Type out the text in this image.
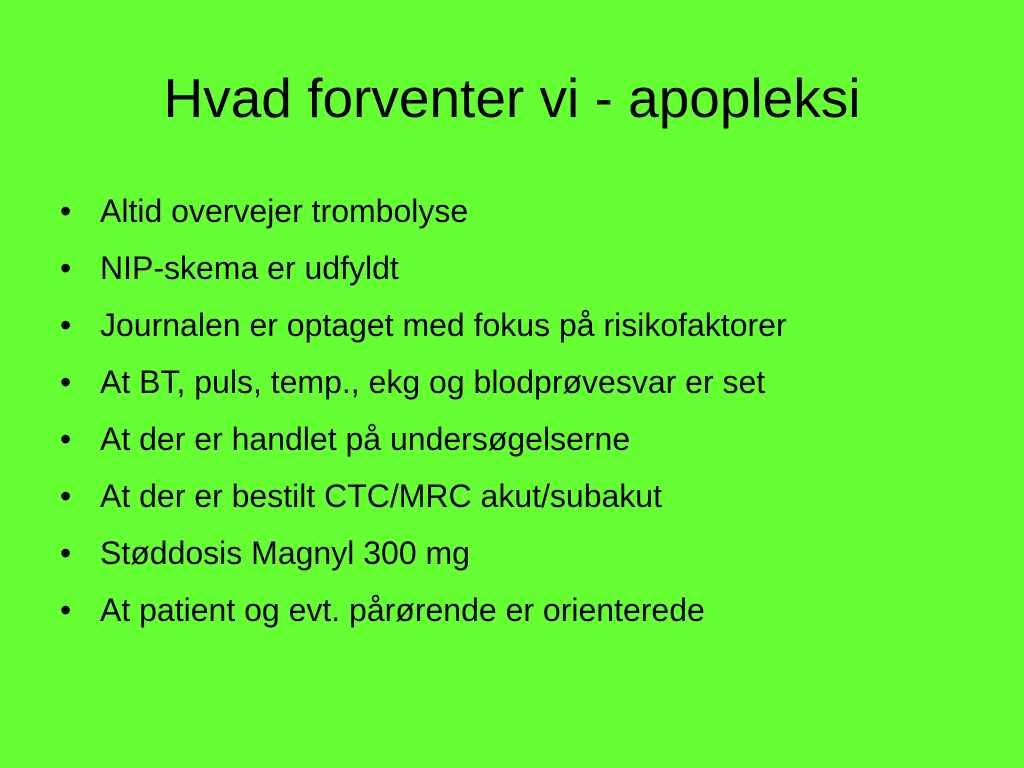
Hvad forventer vi - apopleksi
• Altid overvejer trombolyse
• NIP-skema er udfyldt
• Journalen er optaget med fokus på risikofaktorer
• At BT, puls, temp., ekg og blodprøvesvar er set
• At der er handlet på undersøgelserne
• At der er bestilt CTC/MRC akut/subakut
• Støddosis Magnyl 300 mg
• At patient og evt. pårørende er orienterede
